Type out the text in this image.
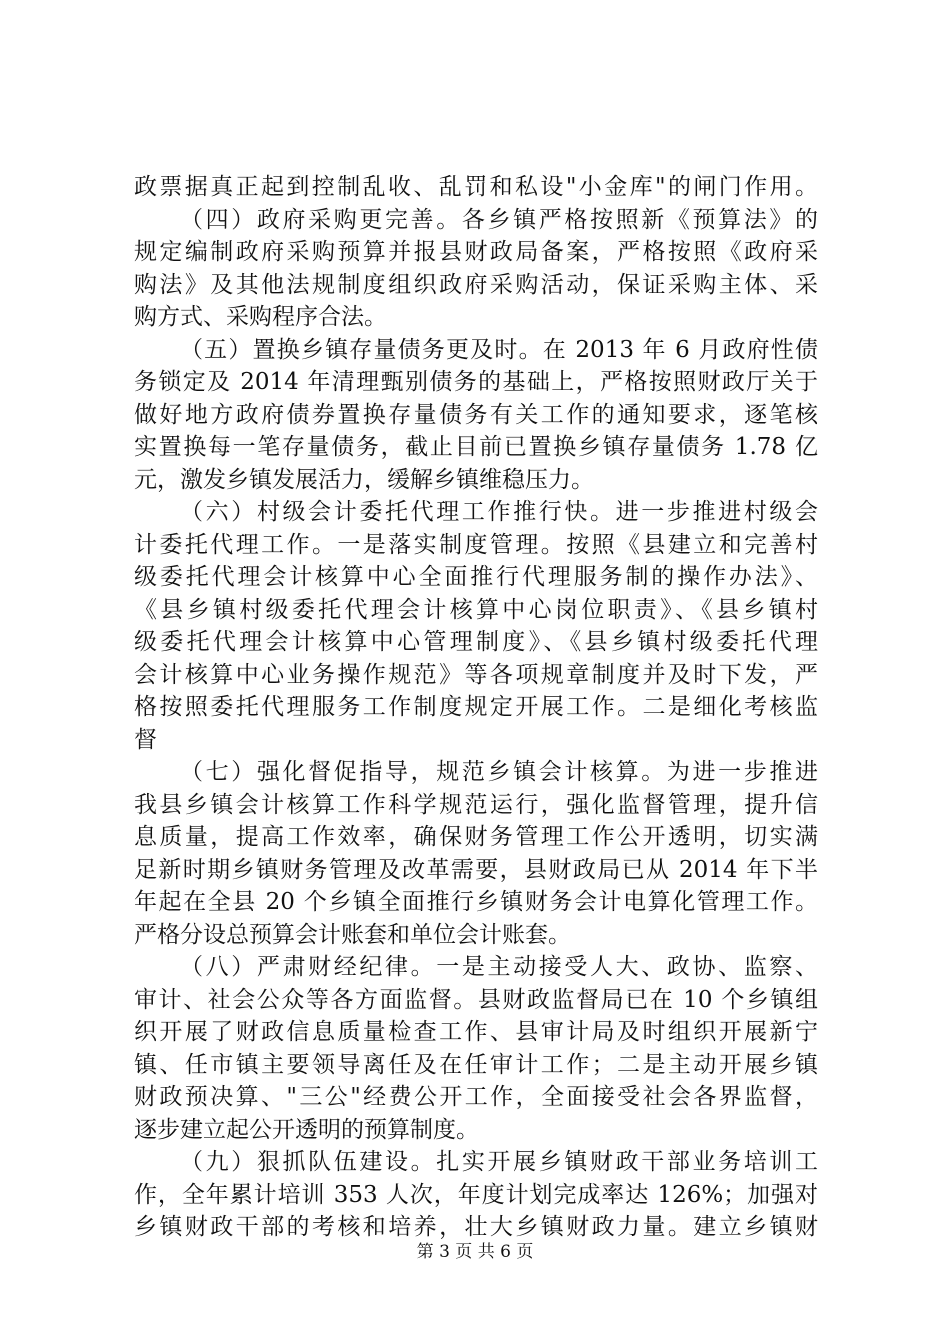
政票据真正起到控制乱收、乱罚和私设"小金库"的闸门作用。
（四）政府采购更完善。各乡镇严格按照新《预算法》的
规定编制政府采购预算并报县财政局备案，严格按照《政府采
购法》及其他法规制度组织政府采购活动，保证采购主体、采
购方式、采购程序合法。
（五）置换乡镇存量债务更及时。在 2013 年 6 月政府性债
务锁定及 2014 年清理甄别债务的基础上，严格按照财政厅关于
做好地方政府债券置换存量债务有关工作的通知要求，逐笔核
实置换每一笔存量债务，截止目前已置换乡镇存量债务 1.78 亿
元，激发乡镇发展活力，缓解乡镇维稳压力。
（六）村级会计委托代理工作推行快。进一步推进村级会
计委托代理工作。一是落实制度管理。按照《县建立和完善村
级委托代理会计核算中心全面推行代理服务制的操作办法》、
《县乡镇村级委托代理会计核算中心岗位职责》、《县乡镇村
级委托代理会计核算中心管理制度》、《县乡镇村级委托代理
会计核算中心业务操作规范》等各项规章制度并及时下发，严
格按照委托代理服务工作制度规定开展工作。二是细化考核监
督
（七）强化督促指导，规范乡镇会计核算。为进一步推进
我县乡镇会计核算工作科学规范运行，强化监督管理，提升信
息质量，提高工作效率，确保财务管理工作公开透明，切实满
足新时期乡镇财务管理及改革需要，县财政局已从 2014 年下半
年起在全县 20 个乡镇全面推行乡镇财务会计电算化管理工作。
严格分设总预算会计账套和单位会计账套。
（八）严肃财经纪律。一是主动接受人大、政协、监察、
审计、社会公众等各方面监督。县财政监督局已在 10 个乡镇组
织开展了财政信息质量检查工作、县审计局及时组织开展新宁
镇、任市镇主要领导离任及在任审计工作；二是主动开展乡镇
财政预决算、"三公"经费公开工作，全面接受社会各界监督，
逐步建立起公开透明的预算制度。
（九）狠抓队伍建设。扎实开展乡镇财政干部业务培训工
作，全年累计培训 353 人次，年度计划完成率达 126%；加强对
乡镇财政干部的考核和培养，壮大乡镇财政力量。建立乡镇财
第 3 页 共 6 页
